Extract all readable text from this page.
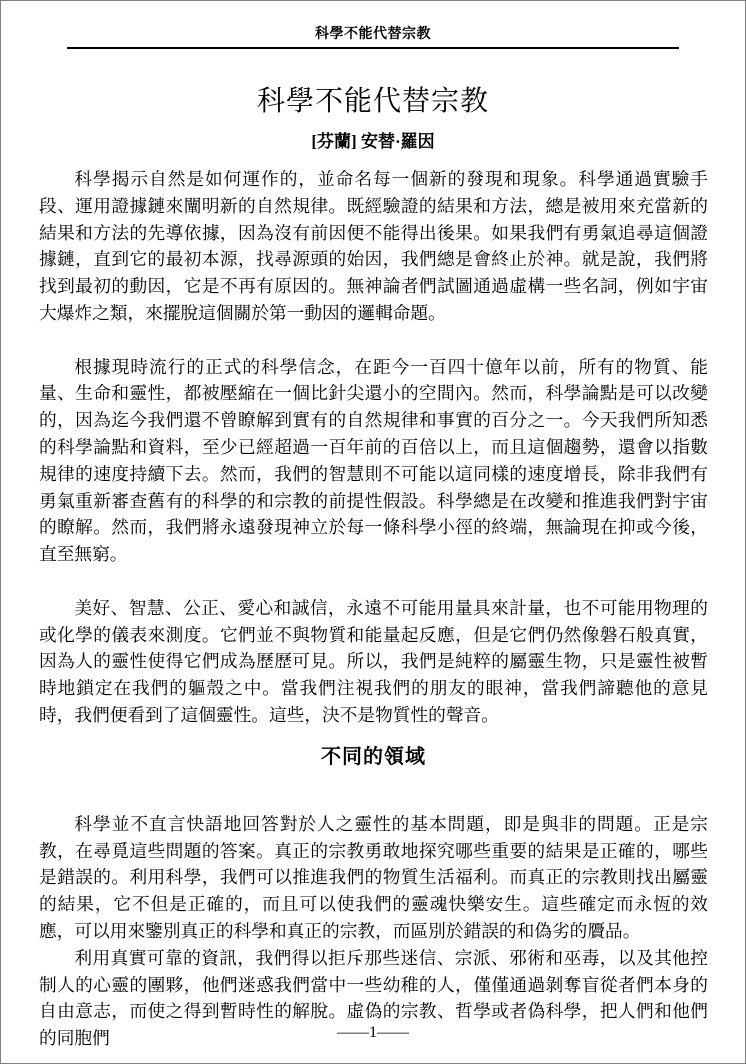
科學不能代替宗教
科學不能代替宗教
[芬蘭] 安替·羅因

科學揭示自然是如何運作的，並命名每一個新的發現和現象。科學通過實驗手段、運用證據鏈來闡明新的自然規律。既經驗證的結果和方法，總是被用來充當新的結果和方法的先導依據，因為沒有前因便不能得出後果。如果我們有勇氣追尋這個證據鏈，直到它的最初本源，找尋源頭的始因，我們總是會終止於神。就是說，我們將找到最初的動因，它是不再有原因的。無神論者們試圖通過虛構一些名詞，例如宇宙大爆炸之類，來擺脫這個關於第一動因的邏輯命題。

根據現時流行的正式的科學信念，在距今一百四十億年以前，所有的物質、能量、生命和靈性，都被壓縮在一個比針尖還小的空間內。然而，科學論點是可以改變的，因為迄今我們還不曾瞭解到實有的自然規律和事實的百分之一。今天我們所知悉的科學論點和資料，至少已經超過一百年前的百倍以上，而且這個趨勢，還會以指數規律的速度持續下去。然而，我們的智慧則不可能以這同樣的速度增長，除非我們有勇氣重新審查舊有的科學的和宗教的前提性假設。科學總是在改變和推進我們對宇宙的瞭解。然而，我們將永遠發現神立於每一條科學小徑的終端，無論現在抑或今後，直至無窮。

美好、智慧、公正、愛心和誠信，永遠不可能用量具來計量，也不可能用物理的或化學的儀表來測度。它們並不與物質和能量起反應，但是它們仍然像磐石般真實，因為人的靈性使得它們成為歷歷可見。所以，我們是純粹的屬靈生物，只是靈性被暫時地鎖定在我們的軀殼之中。當我們注視我們的朋友的眼神，當我們諦聽他的意見時，我們便看到了這個靈性。這些，決不是物質性的聲音。

不同的領域

科學並不直言快語地回答對於人之靈性的基本問題，即是與非的問題。正是宗教，在尋覓這些問題的答案。真正的宗教勇敢地探究哪些重要的結果是正確的，哪些是錯誤的。利用科學，我們可以推進我們的物質生活福利。而真正的宗教則找出屬靈的結果，它不但是正確的，而且可以使我們的靈魂快樂安生。這些確定而永恆的效應，可以用來鑒別真正的科學和真正的宗教，而區別於錯誤的和偽劣的贗品。

利用真實可靠的資訊，我們得以拒斥那些迷信、宗派、邪術和巫毒，以及其他控制人的心靈的團夥，他們迷惑我們當中一些幼稚的人，僅僅通過剝奪盲從者們本身的自由意志，而使之得到暫時性的解脫。虛偽的宗教、哲學或者偽科學，把人們和他們的同胞們	——1——
